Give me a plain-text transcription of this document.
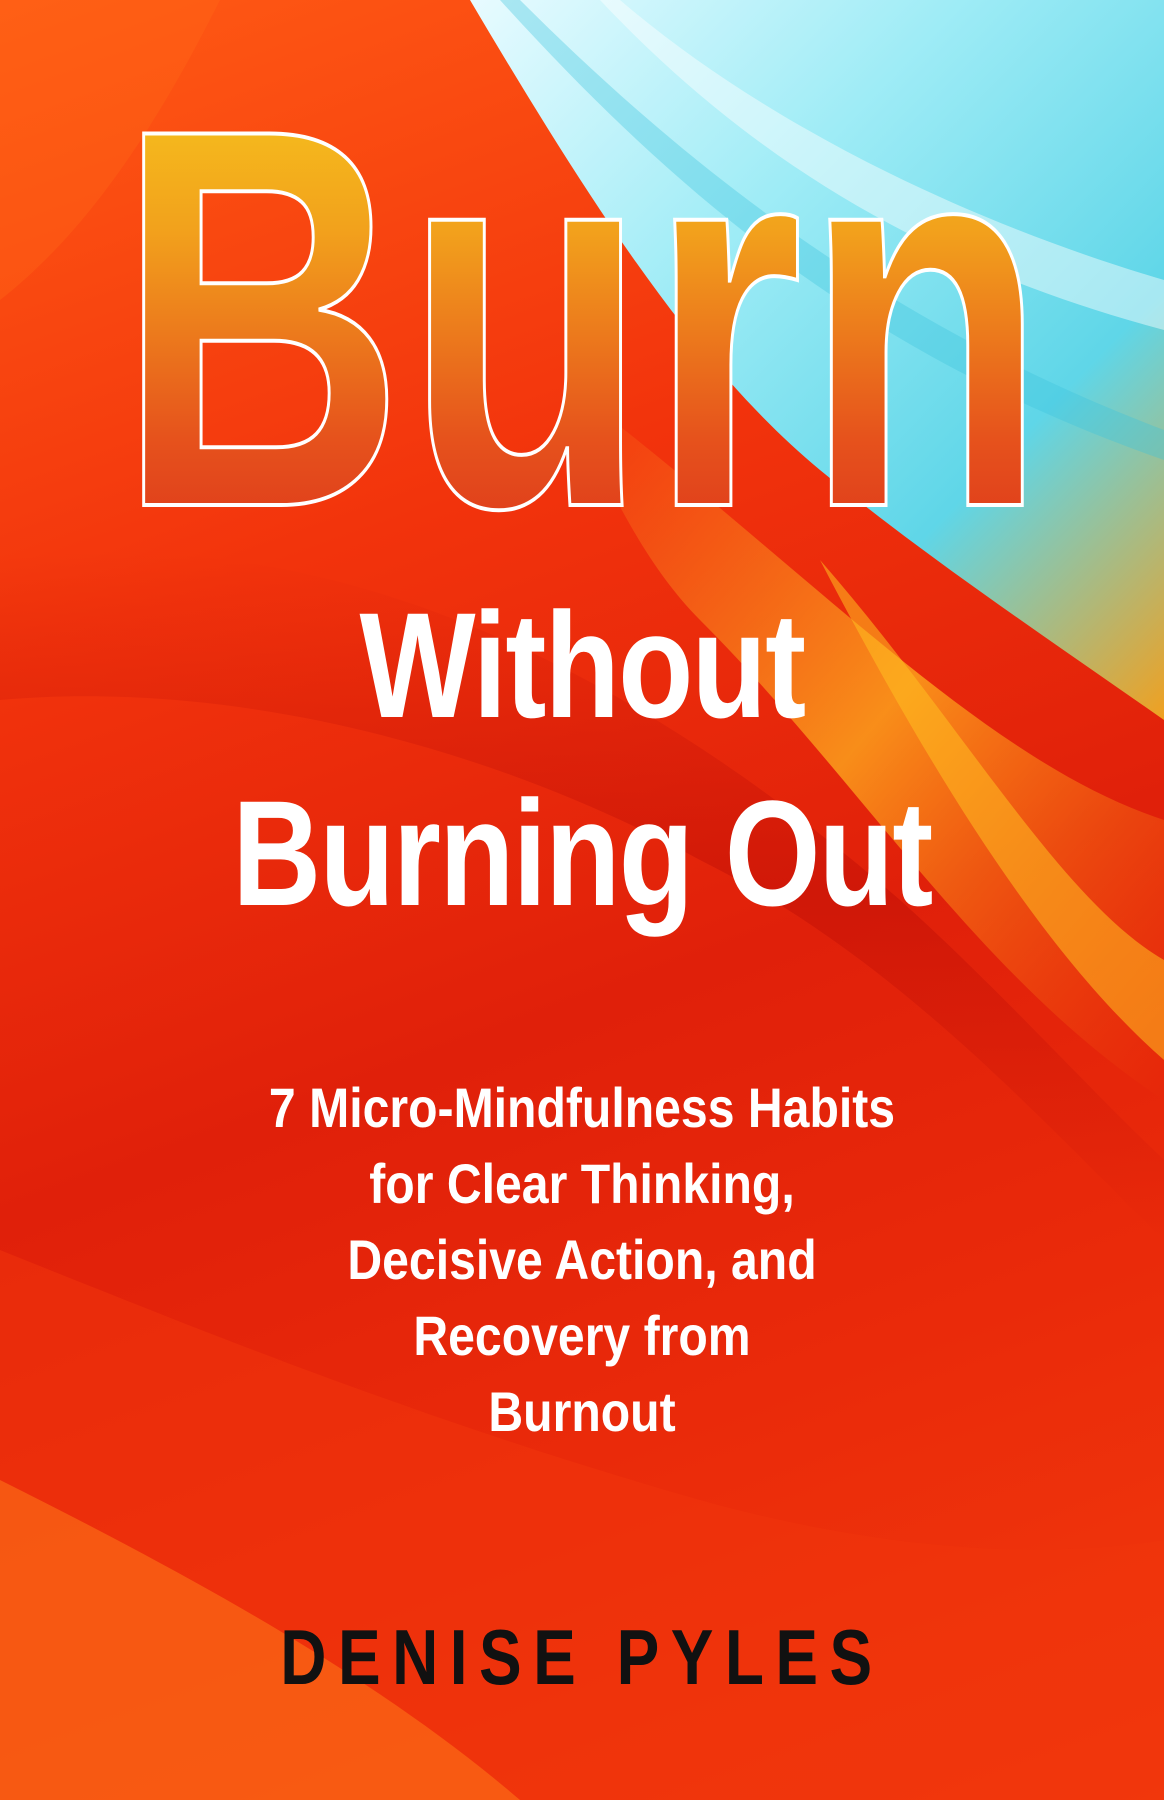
Burn
Without
Burning Out
7 Micro-Mindfulness Habits
for Clear Thinking,
Decisive Action, and
Recovery from
Burnout
DENISE PYLES
